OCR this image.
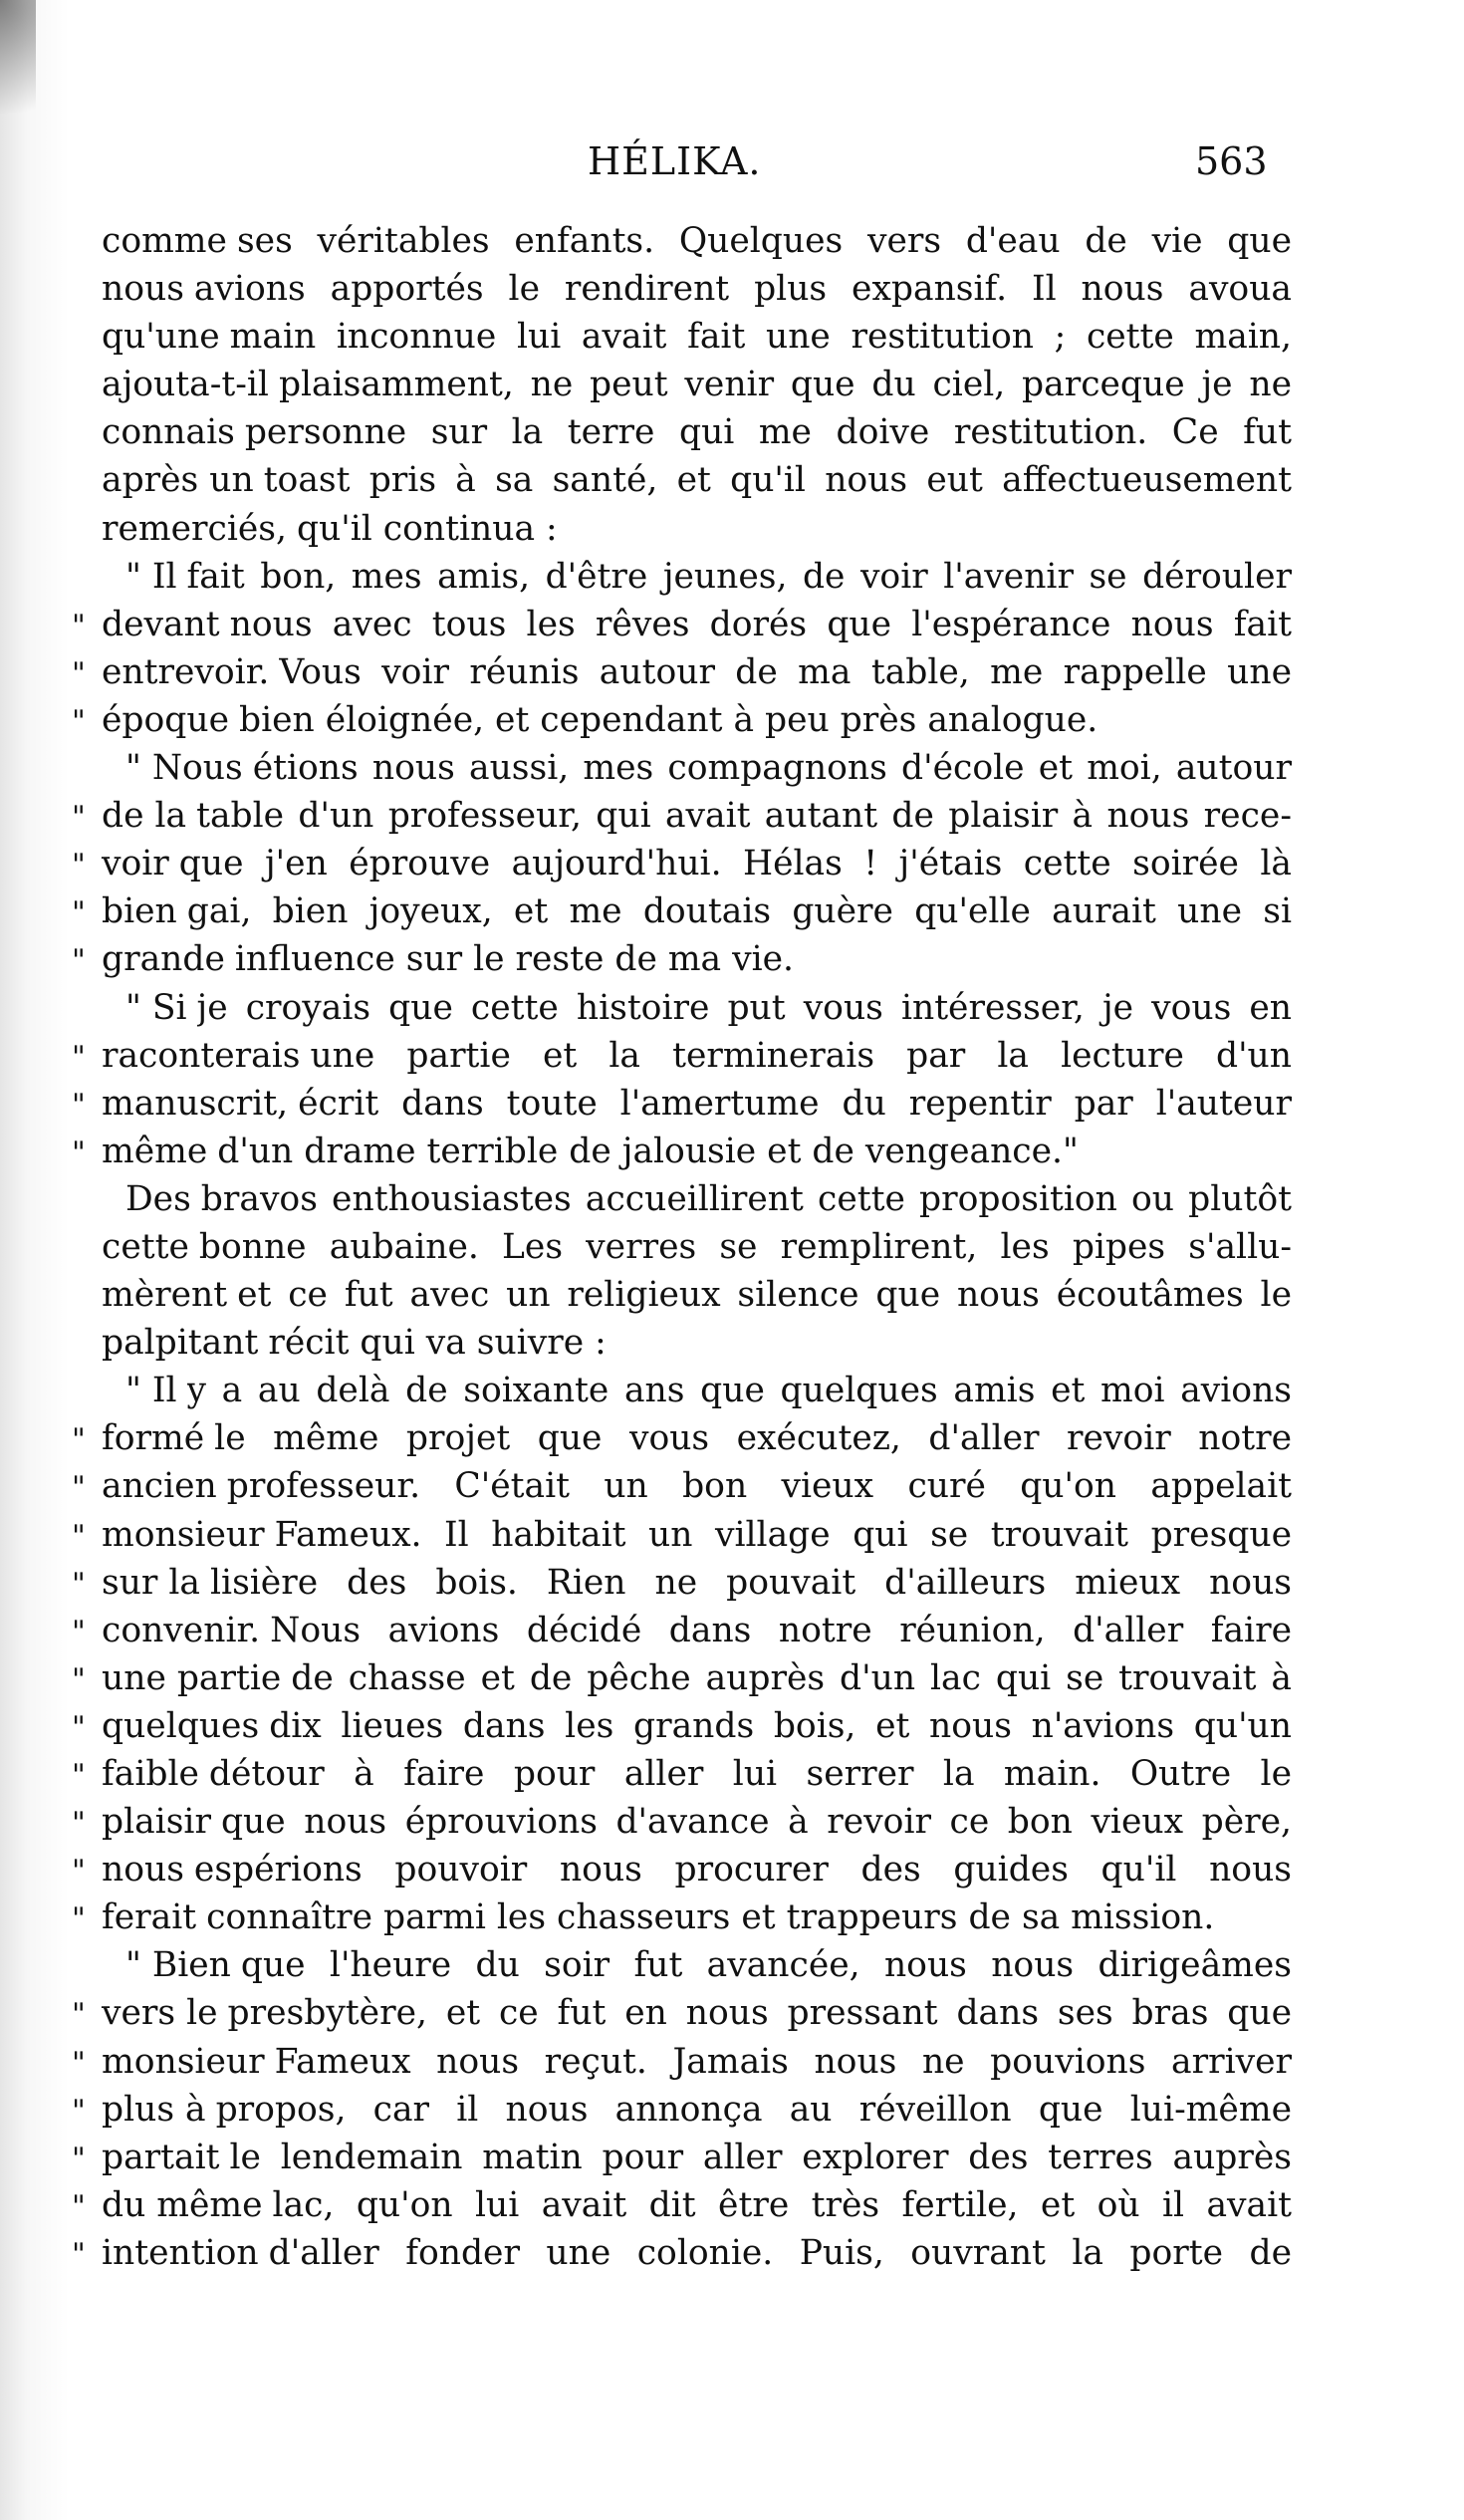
HÉLIKA.	563
comme ses véritables enfants. Quelques vers d'eau de vie que
nous avions apportés le rendirent plus expansif. Il nous avoua
qu'une main inconnue lui avait fait une restitution ; cette main,
ajouta-t-il plaisamment, ne peut venir que du ciel, parceque je ne
connais personne sur la terre qui me doive restitution. Ce fut
après un toast pris à sa santé, et qu'il nous eut affectueusement
remerciés, qu'il continua :
" Il fait bon, mes amis, d'être jeunes, de voir l'avenir se dérouler
" devant nous avec tous les rêves dorés que l'espérance nous fait
" entrevoir. Vous voir réunis autour de ma table, me rappelle une
" époque bien éloignée, et cependant à peu près analogue.
" Nous étions nous aussi, mes compagnons d'école et moi, autour
" de la table d'un professeur, qui avait autant de plaisir à nous rece-
" voir que j'en éprouve aujourd'hui. Hélas ! j'étais cette soirée là
" bien gai, bien joyeux, et me doutais guère qu'elle aurait une si
" grande influence sur le reste de ma vie.
" Si je croyais que cette histoire put vous intéresser, je vous en
" raconterais une partie et la terminerais par la lecture d'un
" manuscrit, écrit dans toute l'amertume du repentir par l'auteur
" même d'un drame terrible de jalousie et de vengeance."
Des bravos enthousiastes accueillirent cette proposition ou plutôt
cette bonne aubaine. Les verres se remplirent, les pipes s'allu-
mèrent et ce fut avec un religieux silence que nous écoutâmes le
palpitant récit qui va suivre :
" Il y a au delà de soixante ans que quelques amis et moi avions
" formé le même projet que vous exécutez, d'aller revoir notre
" ancien professeur. C'était un bon vieux curé qu'on appelait
" monsieur Fameux. Il habitait un village qui se trouvait presque
" sur la lisière des bois. Rien ne pouvait d'ailleurs mieux nous
" convenir. Nous avions décidé dans notre réunion, d'aller faire
" une partie de chasse et de pêche auprès d'un lac qui se trouvait à
" quelques dix lieues dans les grands bois, et nous n'avions qu'un
" faible détour à faire pour aller lui serrer la main. Outre le
" plaisir que nous éprouvions d'avance à revoir ce bon vieux père,
" nous espérions pouvoir nous procurer des guides qu'il nous
" ferait connaître parmi les chasseurs et trappeurs de sa mission.
" Bien que l'heure du soir fut avancée, nous nous dirigeâmes
" vers le presbytère, et ce fut en nous pressant dans ses bras que
" monsieur Fameux nous reçut. Jamais nous ne pouvions arriver
" plus à propos, car il nous annonça au réveillon que lui-même
" partait le lendemain matin pour aller explorer des terres auprès
" du même lac, qu'on lui avait dit être très fertile, et où il avait
" intention d'aller fonder une colonie. Puis, ouvrant la porte de
